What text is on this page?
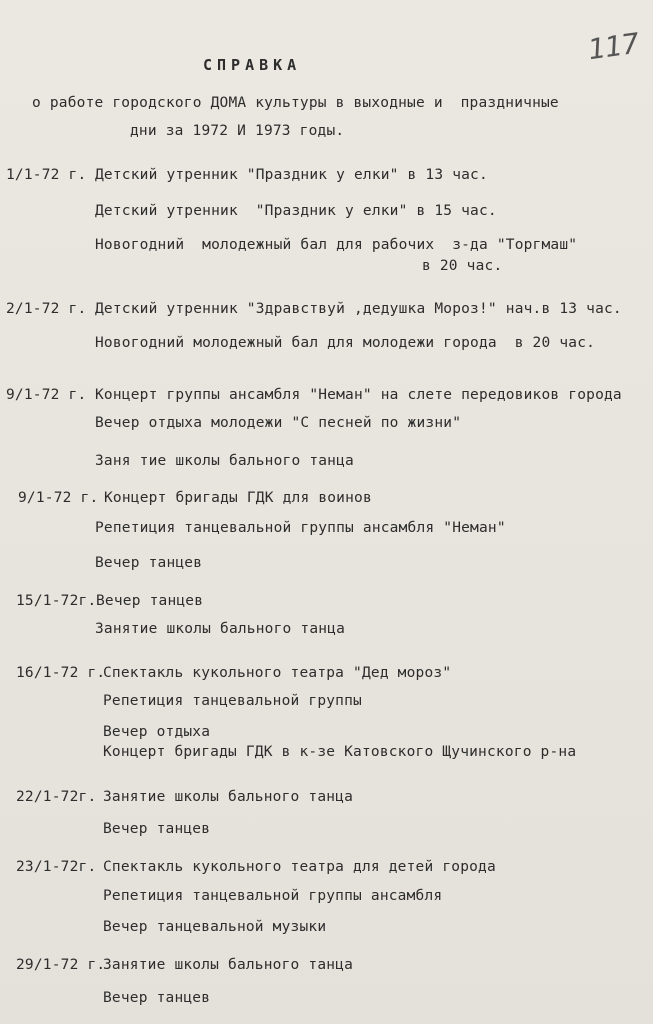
117
СПРАВКА
о работе городского ДОМА культуры в выходные и  праздничные
дни за 1972 И 1973 годы.
1/1-72 г. Детский утренник "Праздник у елки" в 13 час.
Детский утренник  "Праздник у елки" в 15 час.
Новогодний  молодежный бал для рабочих  з-да "Торгмаш"
в 20 час.
2/1-72 г. Детский утренник "Здравствуй ,дедушка Мороз!" нач.в 13 час.
Новогодний молодежный бал для молодежи города  в 20 час.
9/1-72 г. Концерт группы ансамбля "Неман" на слете передовиков города
Вечер отдыха молодежи "С песней по жизни"
Заня тие школы бального танца
9/1-72 г. Концерт бригады ГДК для воинов
Репетиция танцевальной группы ансамбля "Неман"
Вечер танцев
15/1-72г. Вечер танцев
Занятие школы бального танца
16/1-72 г.
Спектакль кукольного театра "Дед мороз"
Репетиция танцевальной группы
Вечер отдыха
Концерт бригады ГДК в к-зе Катовского Щучинского р-на
22/1-72г. Занятие школы бального танца
Вечер танцев
23/1-72г. Спектакль кукольного театра для детей города
Репетиция танцевальной группы ансамбля
Вечер танцевальной музыки
29/1-72 г.
Занятие школы бального танца
Вечер танцев
